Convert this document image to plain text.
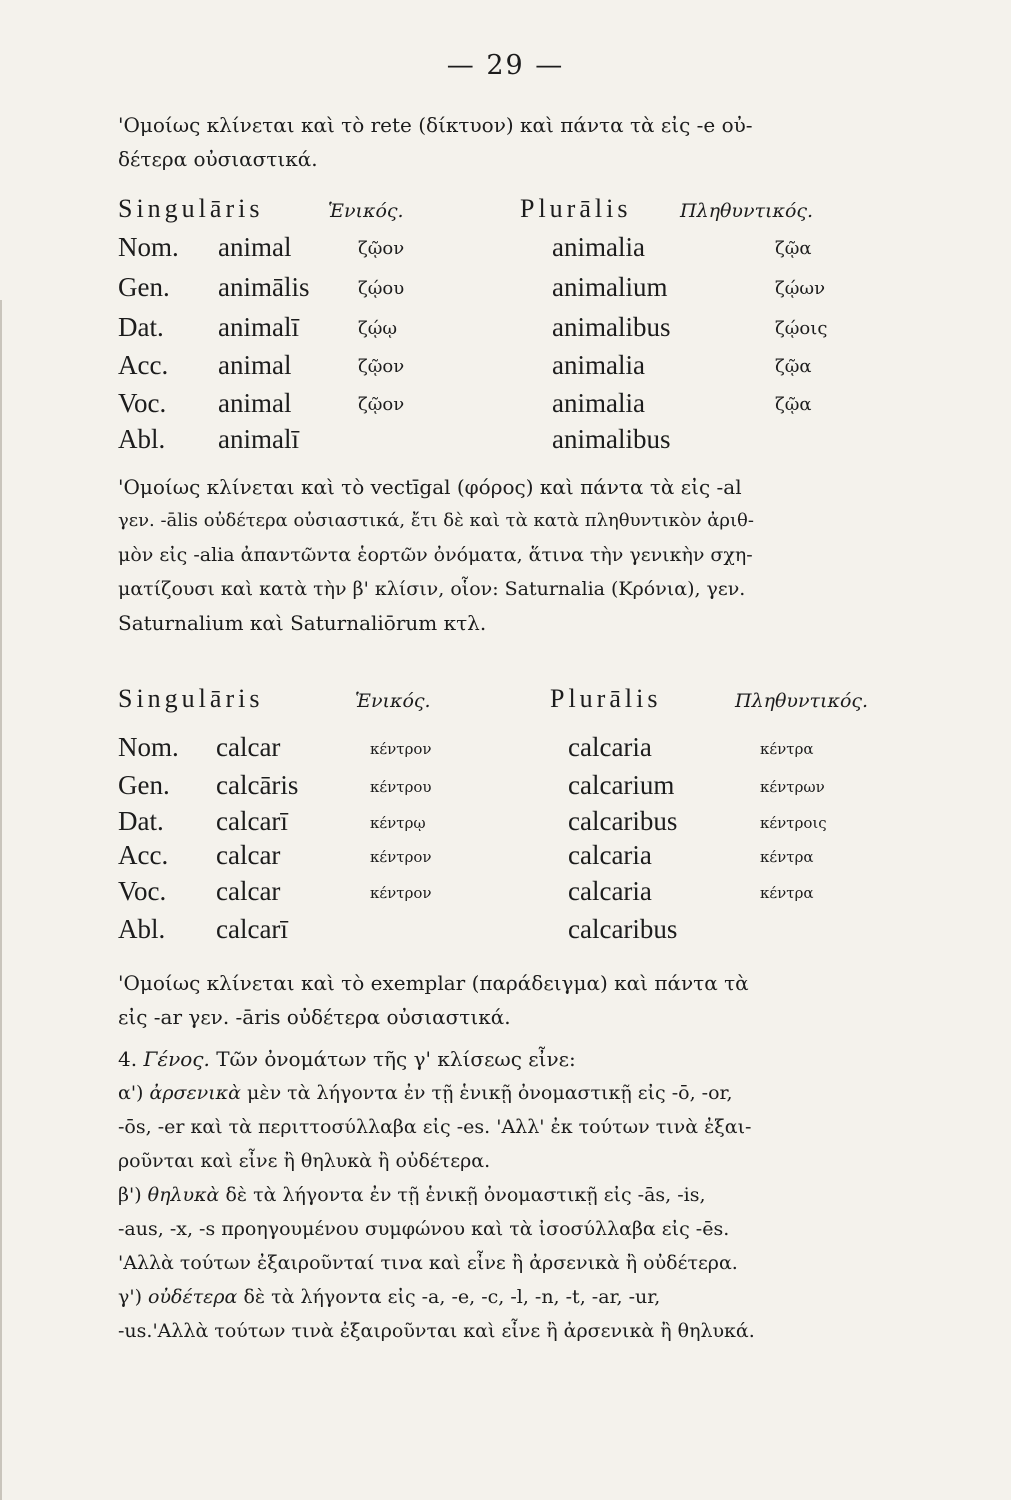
— 29 —
'Ομοίως κλίνεται καὶ τὸ rete (δίκτυον) καὶ πάντα τὰ εἰς -e οὐ-
δέτερα οὐσιαστικά.
Singulāris	Ἑνικός.	Plurālis	Πληθυντικός.
Nom. animal	ζῷον	animalia	ζῷα
Gen. animālis	ζῴου	animalium	ζῴων
Dat. animalī	ζῴῳ	animalibus	ζῴοις
Acc. animal	ζῷον	animalia	ζῷα
Voc. animal	ζῷον	animalia	ζῷα
Abl. animalī	animalibus
'Ομοίως κλίνεται καὶ τὸ vectīgal (φόρος) καὶ πάντα τὰ εἰς -al
γεν. -ālis οὐδέτερα οὐσιαστικά, ἔτι δὲ καὶ τὰ κατὰ πληθυντικὸν ἀριθ-
μὸν εἰς -alia ἀπαντῶντα ἑορτῶν ὀνόματα, ἅτινα τὴν γενικὴν σχη-
ματίζουσι καὶ κατὰ τὴν β' κλίσιν, οἷον: Saturnalia (Κρόνια), γεν.
Saturnalium καὶ Saturnaliōrum κτλ.
Singulāris	Ἑνικός.	Plurālis	Πληθυντικός.
Nom. calcar	κέντρον	calcaria	κέντρα
Gen. calcāris	κέντρου	calcarium	κέντρων
Dat. calcarī	κέντρῳ	calcaribus	κέντροις
Acc. calcar	κέντρον	calcaria	κέντρα
Voc. calcar	κέντρον	calcaria	κέντρα
Abl. calcarī	calcaribus
'Ομοίως κλίνεται καὶ τὸ exemplar (παράδειγμα) καὶ πάντα τὰ
εἰς -ar γεν. -āris οὐδέτερα οὐσιαστικά.
4. Γένος. Τῶν ὀνομάτων τῆς γ' κλίσεως εἶνε:
α') ἀρσενικὰ μὲν τὰ λήγοντα ἐν τῇ ἑνικῇ ὀνομαστικῇ εἰς -ō, -or,
-ōs, -er καὶ τὰ περιττοσύλλαβα εἰς -es. 'Αλλ' ἐκ τούτων τινὰ ἐξαι-
ροῦνται καὶ εἶνε ἢ θηλυκὰ ἢ οὐδέτερα.
β') θηλυκὰ δὲ τὰ λήγοντα ἐν τῇ ἑνικῇ ὀνομαστικῇ εἰς -ās, -is,
-aus, -x, -s προηγουμένου συμφώνου καὶ τὰ ἰσοσύλλαβα εἰς -ēs.
'Αλλὰ τούτων ἐξαιροῦνταί τινα καὶ εἶνε ἢ ἀρσενικὰ ἢ οὐδέτερα.
γ') οὐδέτερα δὲ τὰ λήγοντα εἰς -a, -e, -c, -l, -n, -t, -ar, -ur,
-us.'Αλλὰ τούτων τινὰ ἐξαιροῦνται καὶ εἶνε ἢ ἀρσενικὰ ἢ θηλυκά.
